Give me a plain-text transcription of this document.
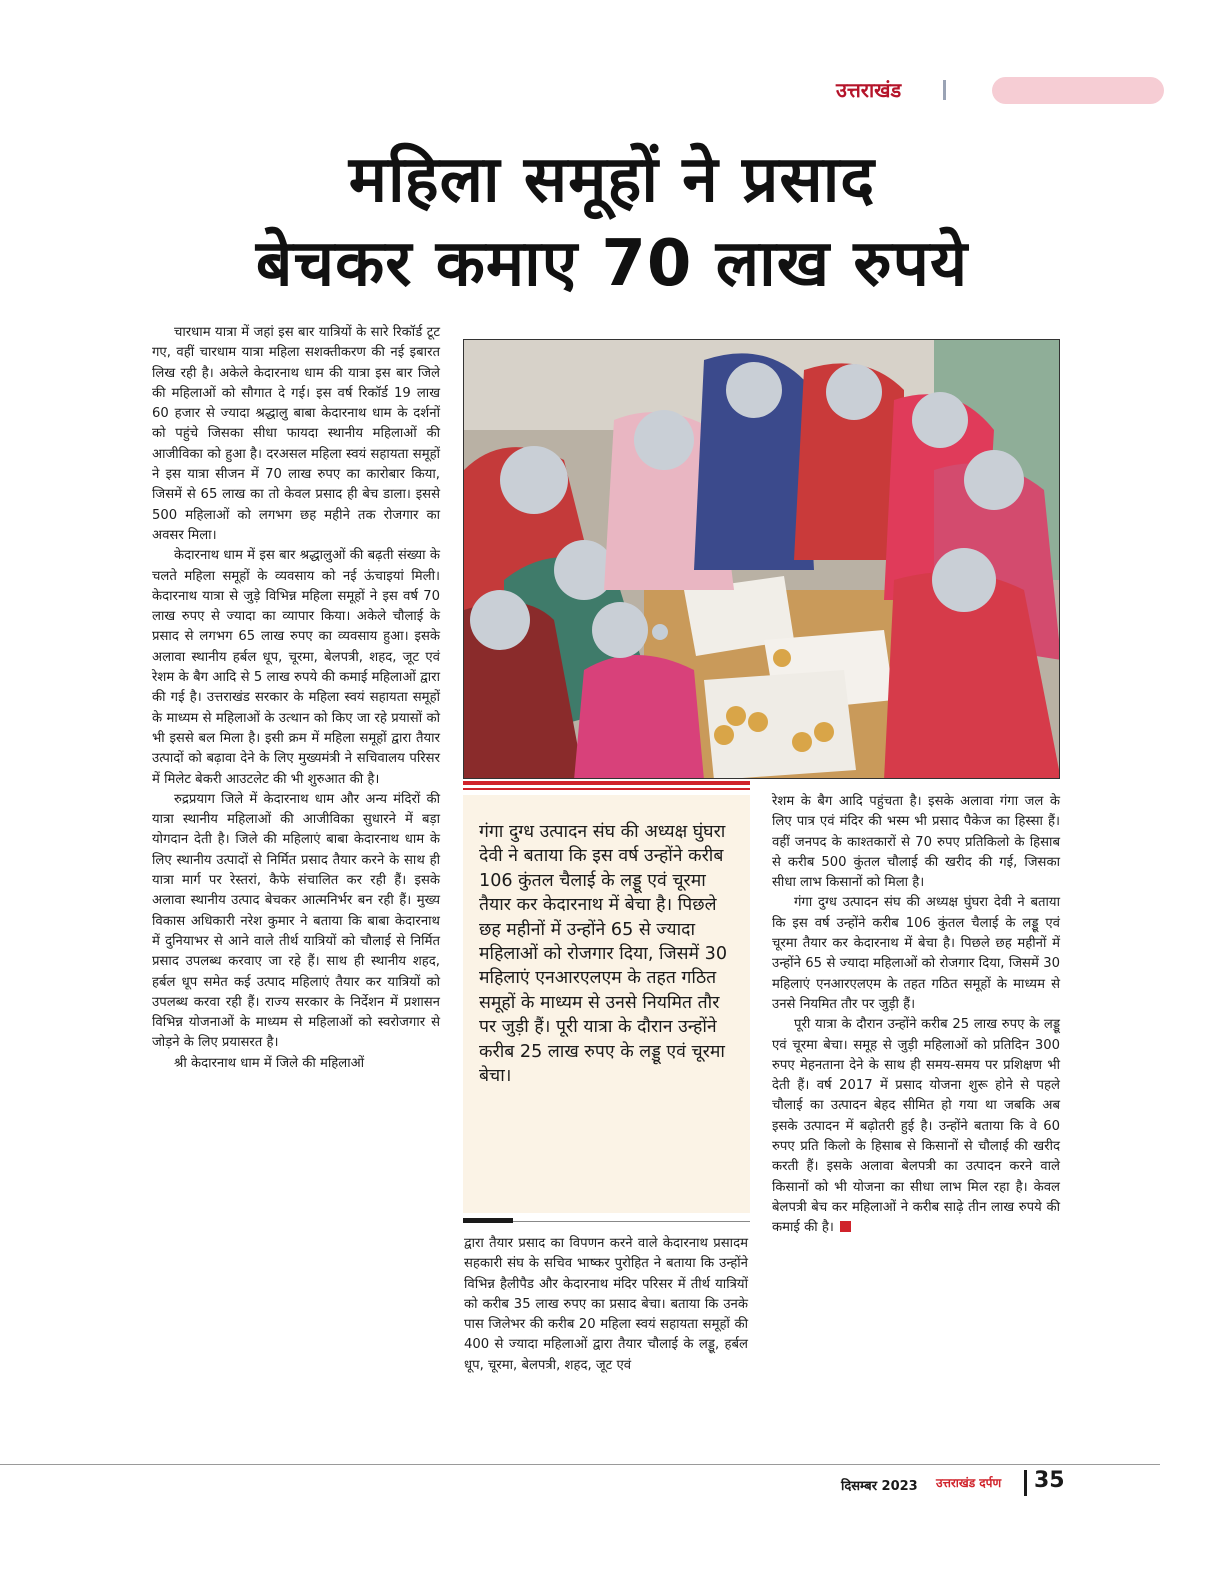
उत्तराखंड
महिला समूहों ने प्रसाद
बेचकर कमाए 70 लाख रुपये

चारधाम यात्रा में जहां इस बार यात्रियों के सारे रिकॉर्ड टूट गए, वहीं चारधाम यात्रा महिला सशक्तीकरण की नई इबारत लिख रही है। अकेले केदारनाथ धाम की यात्रा इस बार जिले की महिलाओं को सौगात दे गई। इस वर्ष रिकॉर्ड 19 लाख 60 हजार से ज्यादा श्रद्धालु बाबा केदारनाथ धाम के दर्शनों को पहुंचे जिसका सीधा फायदा स्थानीय महिलाओं की आजीविका को हुआ है। दरअसल महिला स्वयं सहायता समूहों ने इस यात्रा सीजन में 70 लाख रुपए का कारोबार किया, जिसमें से 65 लाख का तो केवल प्रसाद ही बेच डाला। इससे 500 महिलाओं को लगभग छह महीने तक रोजगार का अवसर मिला।

केदारनाथ धाम में इस बार श्रद्धालुओं की बढ़ती संख्या के चलते महिला समूहों के व्यवसाय को नई ऊंचाइयां मिली। केदारनाथ यात्रा से जुड़े विभिन्न महिला समूहों ने इस वर्ष 70 लाख रुपए से ज्यादा का व्यापार किया। अकेले चौलाई के प्रसाद से लगभग 65 लाख रुपए का व्यवसाय हुआ। इसके अलावा स्थानीय हर्बल धूप, चूरमा, बेलपत्री, शहद, जूट एवं रेशम के बैग आदि से 5 लाख रुपये की कमाई महिलाओं द्वारा की गई है। उत्तराखंड सरकार के महिला स्वयं सहायता समूहों के माध्यम से महिलाओं के उत्थान को किए जा रहे प्रयासों को भी इससे बल मिला है। इसी क्रम में महिला समूहों द्वारा तैयार उत्पादों को बढ़ावा देने के लिए मुख्यमंत्री ने सचिवालय परिसर में मिलेट बेकरी आउटलेट की भी शुरुआत की है।

रुद्रप्रयाग जिले में केदारनाथ धाम और अन्य मंदिरों की यात्रा स्थानीय महिलाओं की आजीविका सुधारने में बड़ा योगदान देती है। जिले की महिलाएं बाबा केदारनाथ धाम के लिए स्थानीय उत्पादों से निर्मित प्रसाद तैयार करने के साथ ही यात्रा मार्ग पर रेस्तरां, कैफे संचालित कर रही हैं। इसके अलावा स्थानीय उत्पाद बेचकर आत्मनिर्भर बन रही हैं। मुख्य विकास अधिकारी नरेश कुमार ने बताया कि बाबा केदारनाथ में दुनियाभर से आने वाले तीर्थ यात्रियों को चौलाई से निर्मित प्रसाद उपलब्ध करवाए जा रहे हैं। साथ ही स्थानीय शहद, हर्बल धूप समेत कई उत्पाद महिलाएं तैयार कर यात्रियों को उपलब्ध करवा रही हैं। राज्य सरकार के निर्देशन में प्रशासन विभिन्न योजनाओं के माध्यम से महिलाओं को स्वरोजगार से जोड़ने के लिए प्रयासरत है।

श्री केदारनाथ धाम में जिले की महिलाओं

गंगा दुग्ध उत्पादन संघ की अध्यक्ष घुंघरा देवी ने बताया कि इस वर्ष उन्होंने करीब 106 कुंतल चैलाई के लड्डू एवं चूरमा तैयार कर केदारनाथ में बेचा है। पिछले छह महीनों में उन्होंने 65 से ज्यादा महिलाओं को रोजगार दिया, जिसमें 30 महिलाएं एनआरएलएम के तहत गठित समूहों के माध्यम से उनसे नियमित तौर पर जुड़ी हैं। पूरी यात्रा के दौरान उन्होंने करीब 25 लाख रुपए के लड्डू एवं चूरमा बेचा।

द्वारा तैयार प्रसाद का विपणन करने वाले केदारनाथ प्रसादम सहकारी संघ के सचिव भाष्कर पुरोहित ने बताया कि उन्होंने विभिन्न हैलीपैड और केदारनाथ मंदिर परिसर में तीर्थ यात्रियों को करीब 35 लाख रुपए का प्रसाद बेचा। बताया कि उनके पास जिलेभर की करीब 20 महिला स्वयं सहायता समूहों की 400 से ज्यादा महिलाओं द्वारा तैयार चौलाई के लड्डू, हर्बल धूप, चूरमा, बेलपत्री, शहद, जूट एवं

रेशम के बैग आदि पहुंचता है। इसके अलावा गंगा जल के लिए पात्र एवं मंदिर की भस्म भी प्रसाद पैकेज का हिस्सा हैं। वहीं जनपद के काश्तकारों से 70 रुपए प्रतिकिलो के हिसाब से करीब 500 कुंतल चौलाई की खरीद की गई, जिसका सीधा लाभ किसानों को मिला है।

गंगा दुग्ध उत्पादन संघ की अध्यक्ष घुंघरा देवी ने बताया कि इस वर्ष उन्होंने करीब 106 कुंतल चैलाई के लड्डू एवं चूरमा तैयार कर केदारनाथ में बेचा है। पिछले छह महीनों में उन्होंने 65 से ज्यादा महिलाओं को रोजगार दिया, जिसमें 30 महिलाएं एनआरएलएम के तहत गठित समूहों के माध्यम से उनसे नियमित तौर पर जुड़ी हैं।

पूरी यात्रा के दौरान उन्होंने करीब 25 लाख रुपए के लड्डू एवं चूरमा बेचा। समूह से जुड़ी महिलाओं को प्रतिदिन 300 रुपए मेहनताना देने के साथ ही समय-समय पर प्रशिक्षण भी देती हैं। वर्ष 2017 में प्रसाद योजना शुरू होने से पहले चौलाई का उत्पादन बेहद सीमित हो गया था जबकि अब इसके उत्पादन में बढ़ोतरी हुई है। उन्होंने बताया कि वे 60 रुपए प्रति किलो के हिसाब से किसानों से चौलाई की खरीद करती हैं। इसके अलावा बेलपत्री का उत्पादन करने वाले किसानों को भी योजना का सीधा लाभ मिल रहा है। केवल बेलपत्री बेच कर महिलाओं ने करीब साढ़े तीन लाख रुपये की कमाई की है।

दिसम्बर 2023 उत्तराखंड दर्पण 35
